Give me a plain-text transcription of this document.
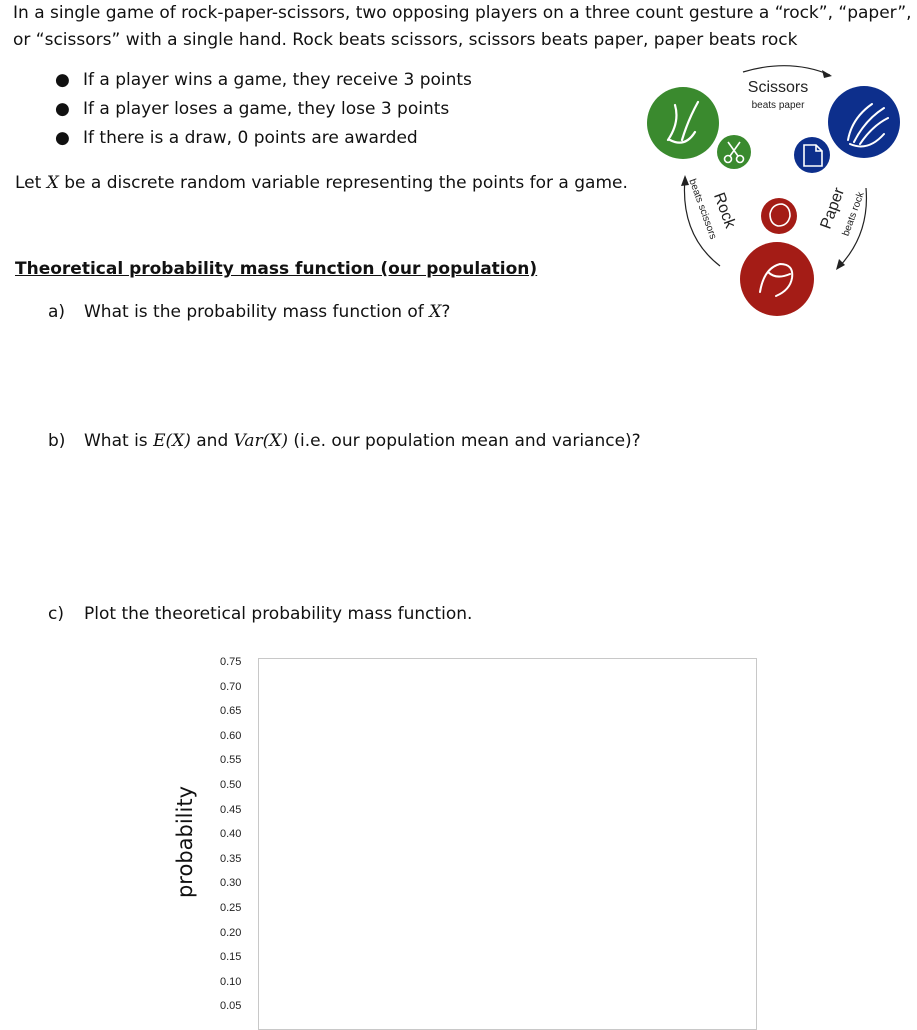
In a single game of rock-paper-scissors, two opposing players on a three count gesture a “rock”, “paper”,
or “scissors” with a single hand. Rock beats scissors, scissors beats paper, paper beats rock
● If a player wins a game, they receive 3 points
● If a player loses a game, they lose 3 points
● If there is a draw, 0 points are awarded
Let X be a discrete random variable representing the points for a game.
Scissors
beats paper
Rock
beats scissors	Paper
beats rock
Theoretical probability mass function (our population)
a) What is the probability mass function of X?
b) What is E(X) and Var(X) (i.e. our population mean and variance)?
c) Plot the theoretical probability mass function.
probability
0.75
0.70
0.65
0.60
0.55
0.50
0.45
0.40
0.35
0.30
0.25
0.20
0.15
0.10
0.05
